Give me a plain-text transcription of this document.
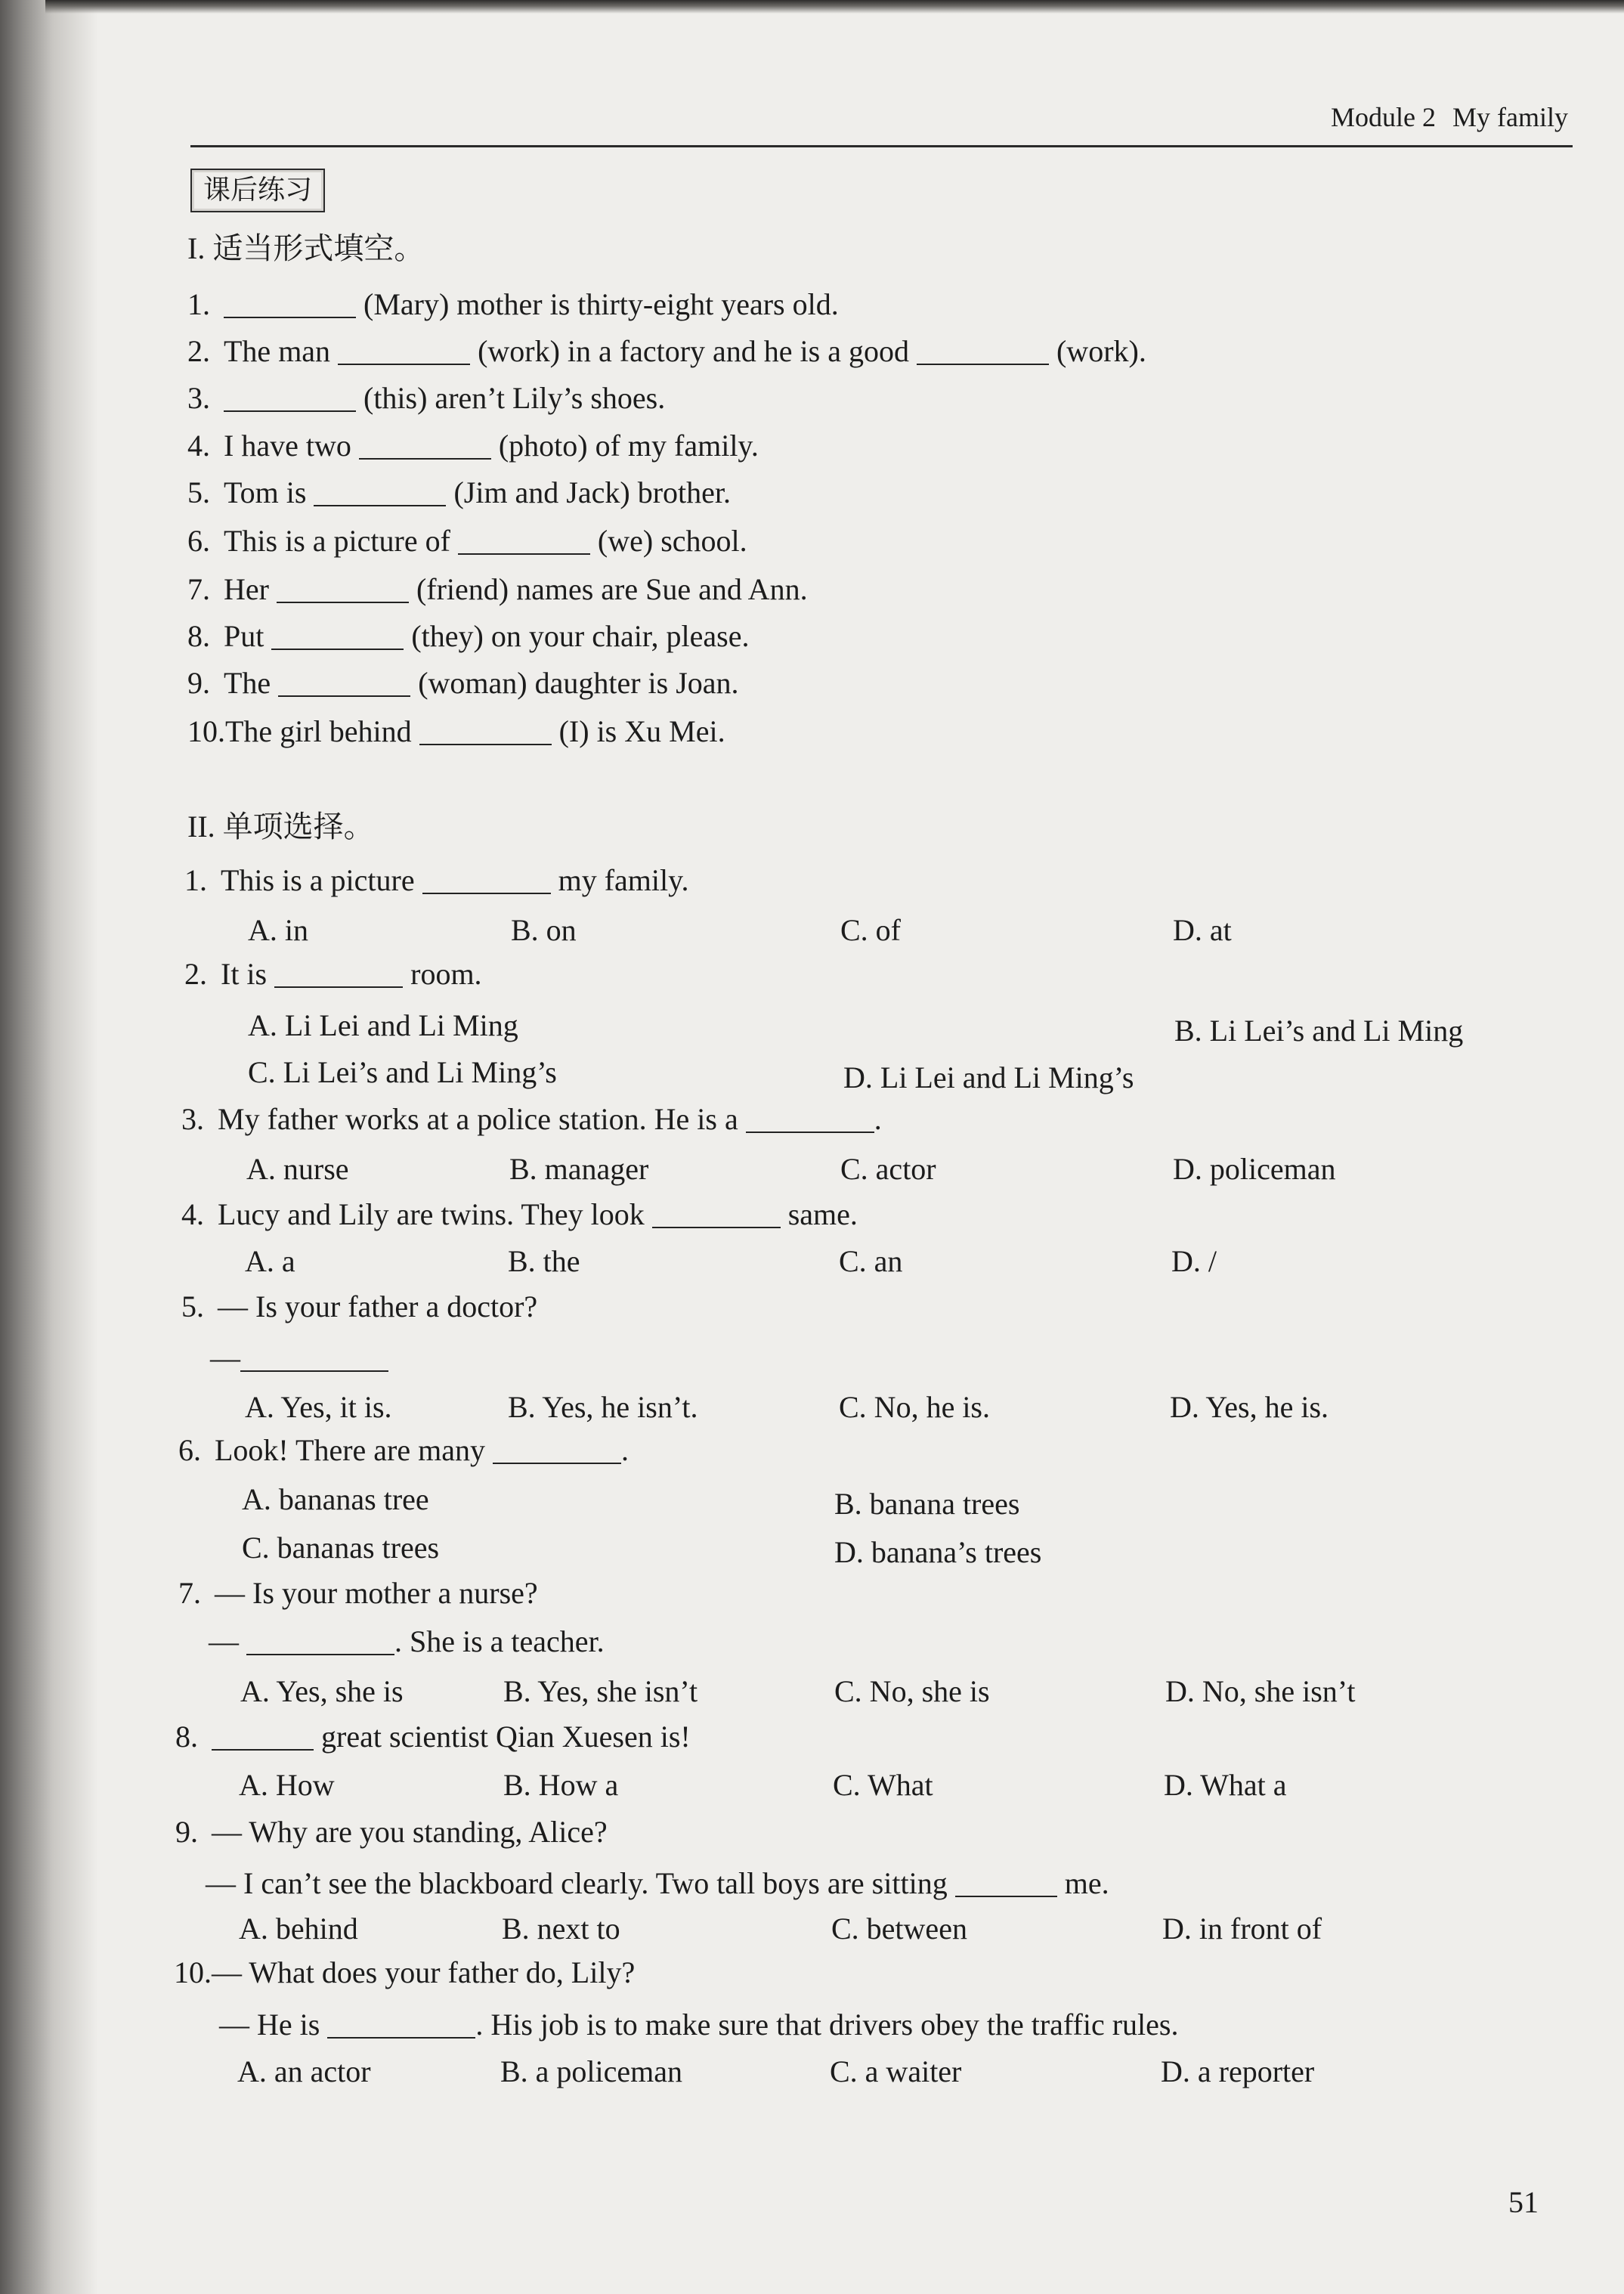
Module 2 My family
课后练习
I. 适当形式填空。
1.	(Mary) mother is thirty-eight years old.
2. The man	(work) in a factory and he is a good	(work).
3.	(this) aren’t Lily’s shoes.
4. I have two	(photo) of my family.
5. Tom is	(Jim and Jack) brother.
6. This is a picture of	(we) school.
7. Her	(friend) names are Sue and Ann.
8. Put	(they) on your chair, please.
9. The	(woman) daughter is Joan.
10.The girl behind	(I) is Xu Mei.
II. 单项选择。
1. This is a picture	my family.
A. in	B. on	C. of	D. at
2. It is	room.
A. Li Lei and Li Ming	B. Li Lei’s and Li Ming
C. Li Lei’s and Li Ming’s	D. Li Lei and Li Ming’s
3. My father works at a police station. He is a	.
A. nurse	B. manager	C. actor	D. policeman
4. Lucy and Lily are twins. They look	same.
A. a	B. the	C. an	D. /
5. — Is your father a doctor?
—
A. Yes, it is.	B. Yes, he isn’t.	C. No, he is.	D. Yes, he is.
6. Look! There are many	.
A. bananas tree	B. banana trees
C. bananas trees	D. banana’s trees
7. — Is your mother a nurse?
—	. She is a teacher.
A. Yes, she is	B. Yes, she isn’t	C. No, she is	D. No, she isn’t
8.	great scientist Qian Xuesen is!
A. How	B. How a	C. What	D. What a
9. — Why are you standing, Alice?
— I can’t see the blackboard clearly. Two tall boys are sitting	me.
A. behind	B. next to	C. between	D. in front of
10.— What does your father do, Lily?
— He is	. His job is to make sure that drivers obey the traffic rules.
A. an actor	B. a policeman	C. a waiter	D. a reporter
51
